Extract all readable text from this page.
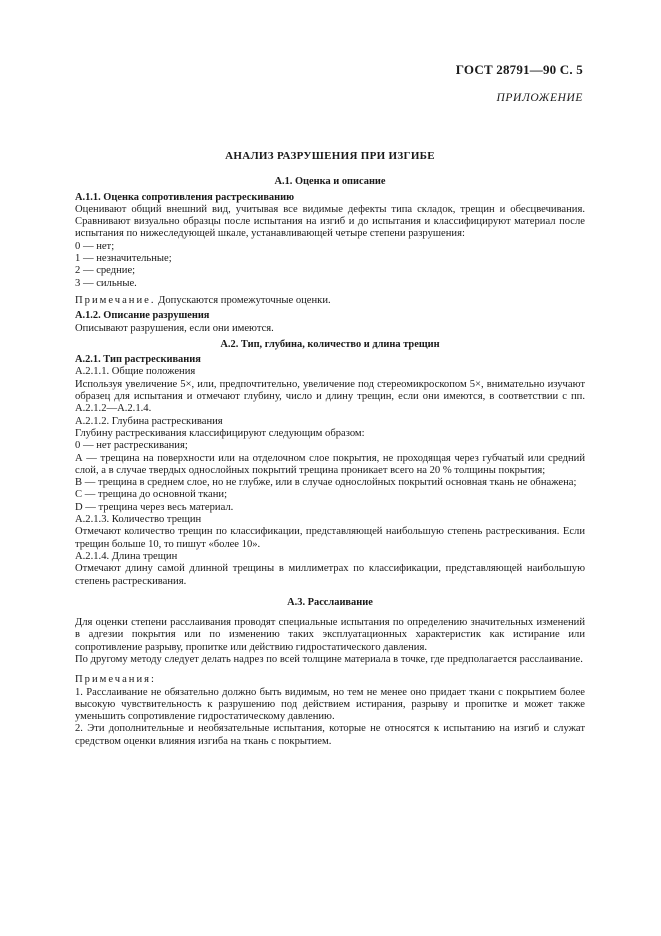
ГОСТ 28791—90 С. 5
ПРИЛОЖЕНИЕ
АНАЛИЗ РАЗРУШЕНИЯ ПРИ ИЗГИБЕ
А.1. Оценка и описание
А.1.1. Оценка сопротивления растрескиванию

Оценивают общий внешний вид, учитывая все видимые дефекты типа складок, трещин и обесцвечивания. Сравнивают визуально образцы после испытания на изгиб и до испытания и классифицируют материал после испытания по нижеследующей шкале, устанавливающей четыре степени разрушения:

0 — нет;

1 — незначительные;

2 — средние;

3 — сильные.

Примечание. Допускаются промежуточные оценки.

А.1.2. Описание разрушения

Описывают разрушения, если они имеются.

А.2. Тип, глубина, количество и длина трещин
А.2.1. Тип растрескивания

А.2.1.1. Общие положения

Используя увеличение 5×, или, предпочтительно, увеличение под стереомикроскопом 5×, внимательно изучают образец для испытания и отмечают глубину, число и длину трещин, если они имеются, в соответствии с пп. А.2.1.2—А.2.1.4.

А.2.1.2. Глубина растрескивания

Глубину растрескивания классифицируют следующим образом:

0 — нет растрескивания;

А — трещина на поверхности или на отделочном слое покрытия, не проходящая через губчатый или средний слой, а в случае твердых однослойных покрытий трещина проникает всего на 20 % толщины покрытия;

В — трещина в среднем слое, но не глубже, или в случае однослойных покрытий основная ткань не обнажена;

С — трещина до основной ткани;

D — трещина через весь материал.

А.2.1.3. Количество трещин

Отмечают количество трещин по классификации, представляющей наибольшую степень растрескивания. Если трещин больше 10, то пишут «более 10».

А.2.1.4. Длина трещин

Отмечают длину самой длинной трещины в миллиметрах по классификации, представляющей наибольшую степень растрескивания.

А.3. Расслаивание

Для оценки степени расслаивания проводят специальные испытания по определению значительных изменений в адгезии покрытия или по изменению таких эксплуатационных характеристик как истирание или сопротивление разрыву, пропитке или действию гидростатического давления.

По другому методу следует делать надрез по всей толщине материала в точке, где предполагается расслаивание.

Примечания:

1. Расслаивание не обязательно должно быть видимым, но тем не менее оно придает ткани с покрытием более высокую чувствительность к разрушению под действием истирания, разрыву и пропитке и может также уменьшить сопротивление гидростатическому давлению.

2. Эти дополнительные и необязательные испытания, которые не относятся к испытанию на изгиб и служат средством оценки влияния изгиба на ткань с покрытием.
